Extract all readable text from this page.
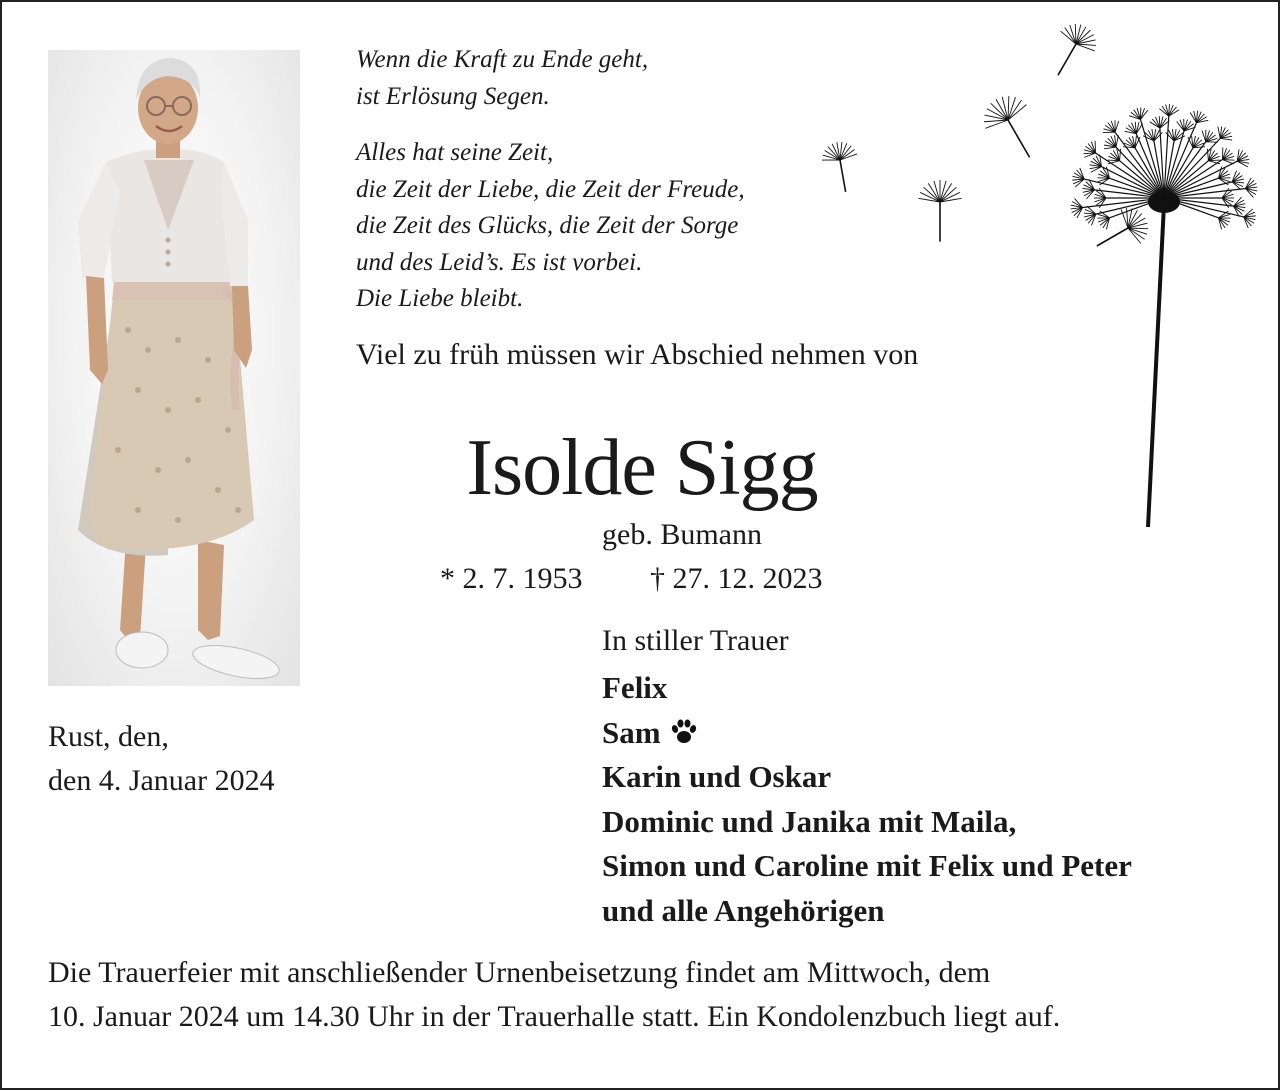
Wenn die Kraft zu Ende geht,
ist Erlösung Segen.
Alles hat seine Zeit,
die Zeit der Liebe, die Zeit der Freude,
die Zeit des Glücks, die Zeit der Sorge
und des Leid’s. Es ist vorbei.
Die Liebe bleibt.
Viel zu früh müssen wir Abschied nehmen von
Isolde Sigg
geb. Bumann
* 2. 7. 1953 † 27. 12. 2023
Rust, den,
den 4. Januar 2024
In stiller Trauer
Felix
Sam
Karin und Oskar
Dominic und Janika mit Maila,
Simon und Caroline mit Felix und Peter
und alle Angehörigen
Die Trauerfeier mit anschließender Urnenbeisetzung findet am Mittwoch, dem
10. Januar 2024 um 14.30 Uhr in der Trauerhalle statt. Ein Kondolenzbuch liegt auf.
